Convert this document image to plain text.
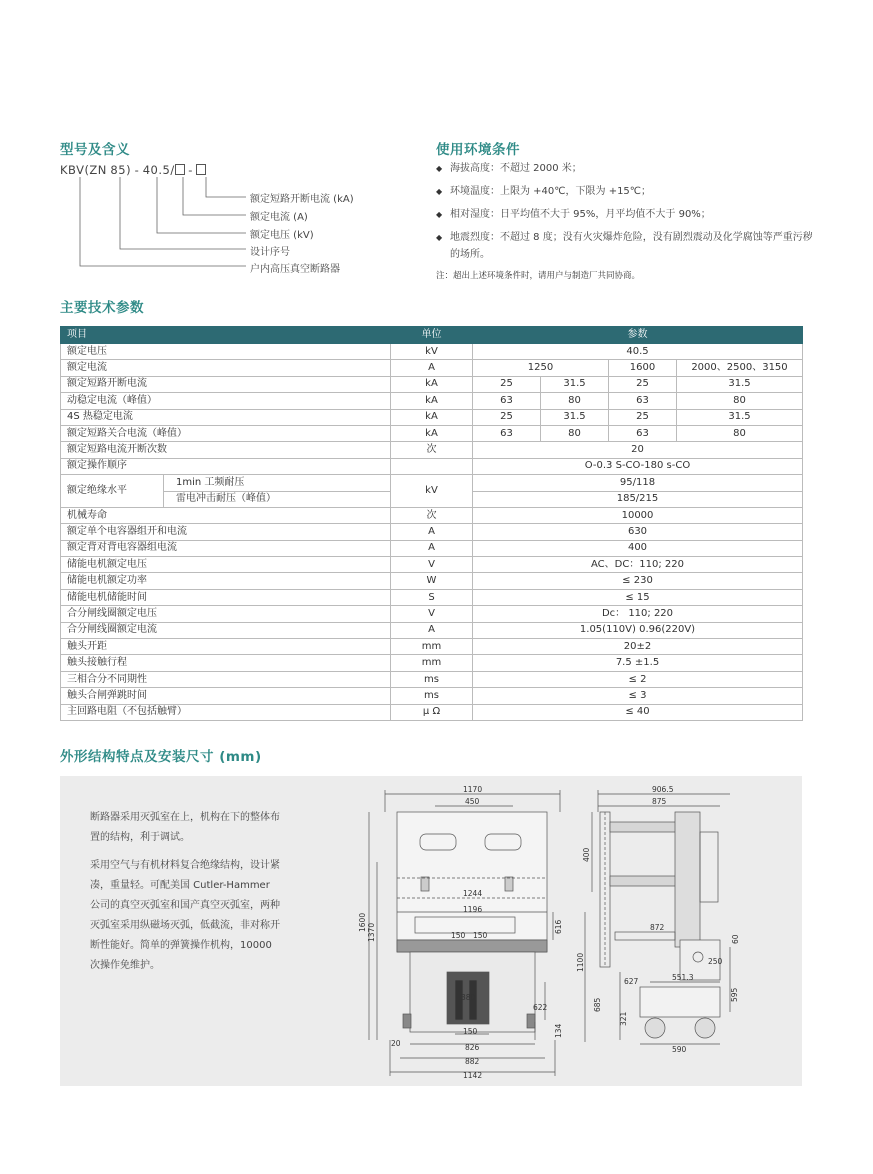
型号及含义
KBV(ZN 85) - 40.5/ -
额定短路开断电流 (kA)
额定电流 (A)
额定电压 (kV)
设计序号
户内高压真空断路器
使用环境条件
◆ 海拔高度：不超过 2000 米；
◆ 环境温度：上限为 +40℃，下限为 +15℃；
◆ 相对湿度：日平均值不大于 95%，月平均值不大于 90%；
◆ 地震烈度：不超过 8 度；没有火灾爆炸危险，没有剧烈震动及化学腐蚀等严重污秽的场所。
注：超出上述环境条件时，请用户与制造厂共同协商。
主要技术参数
项目		单位	参数			
额定电压		kV	40.5			
额定电流		A	1250		1600	2000、2500、3150
额定短路开断电流		kA	25	31.5	25	31.5
动稳定电流（峰值）		kA	63	80	63	80
4S 热稳定电流		kA	25	31.5	25	31.5
额定短路关合电流（峰值）		kA	63	80	63	80
额定短路电流开断次数		次	20			
额定操作顺序			O-0.3 S-CO-180 s-CO			
额定绝缘水平	1min 工频耐压	kV	95/118			
	雷电冲击耐压（峰值）		185/215			
机械寿命		次	10000			
额定单个电容器组开和电流		A	630			
额定背对背电容器组电流		A	400			
储能电机额定电压		V	AC、DC：110; 220			
储能电机额定功率		W	≤ 230			
储能电机储能时间		S	≤ 15			
合分闸线圈额定电压		V	Dc： 110; 220			
合分闸线圈额定电流		A	1.05(110V) 0.96(220V)			
触头开距		mm	20±2			
触头接触行程		mm	7.5 ±1.5			
三相合分不同期性		ms	≤ 2			
触头合闸弹跳时间		ms	≤ 3			
主回路电阻（不包括触臂）		μ Ω	≤ 40			
外形结构特点及安装尺寸 (mm)

断路器采用灭弧室在上，机构在下的整体布置的结构，利于调试。

采用空气与有机材料复合绝缘结构，设计紧凑，重量轻。可配美国 Cutler-Hammer 公司的真空灭弧室和国产真空灭弧室，两种灭弧室采用纵磁场灭弧，低截流，非对称开断性能好。简单的弹簧操作机构，10000 次操作免维护。

1170
450
1244
1196
150 150
616
1600
1370
380
622
134
150
826
20
882
1142
906.5
875
400
872
60
1100	250
627	551.3
685
595
321
590
